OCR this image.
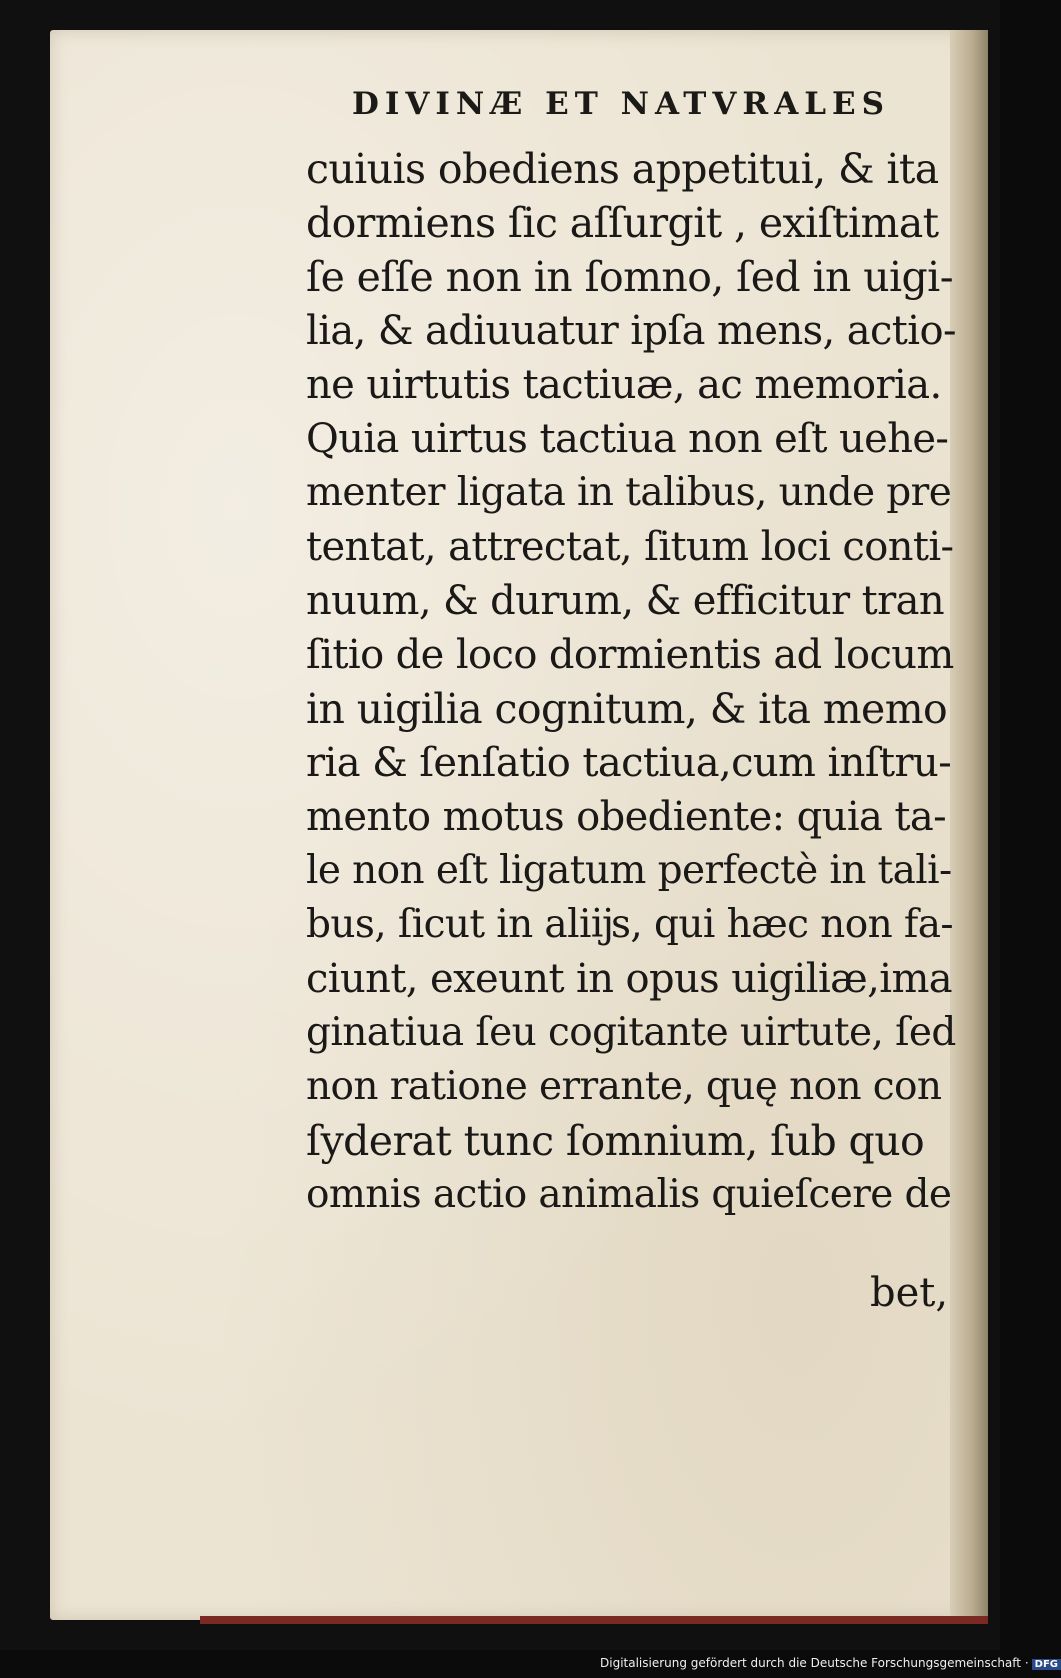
DIVINÆ ET NATVRALES
cuiuis obediens appetitui, & ita
dormiens ſic aſſurgit , exiſtimat
ſe eſſe non in ſomno, ſed in uigi-
lia, & adiuuatur ipſa mens, actio-
ne uirtutis tactiuæ, ac memoria.
Quia uirtus tactiua non eſt uehe-
menter ligata in talibus, unde pre
tentat, attrectat, ſitum loci conti-
nuum, & durum, & efficitur tran
ſitio de loco dormientis ad locum
in uigilia cognitum, & ita memo
ria & ſenſatio tactiua,cum inſtru-
mento motus obediente: quia ta-
le non eſt ligatum perfectè in tali-
bus, ſicut in aliĳs, qui hæc non fa-
ciunt, exeunt in opus uigiliæ,ima
ginatiua ſeu cogitante uirtute, ſed
non ratione errante, quę non con
ſyderat tunc ſomnium, ſub quo
omnis actio animalis quieſcere de
bet,
Digitalisierung gefördert durch die Deutsche Forschungsgemeinschaft · DFG
